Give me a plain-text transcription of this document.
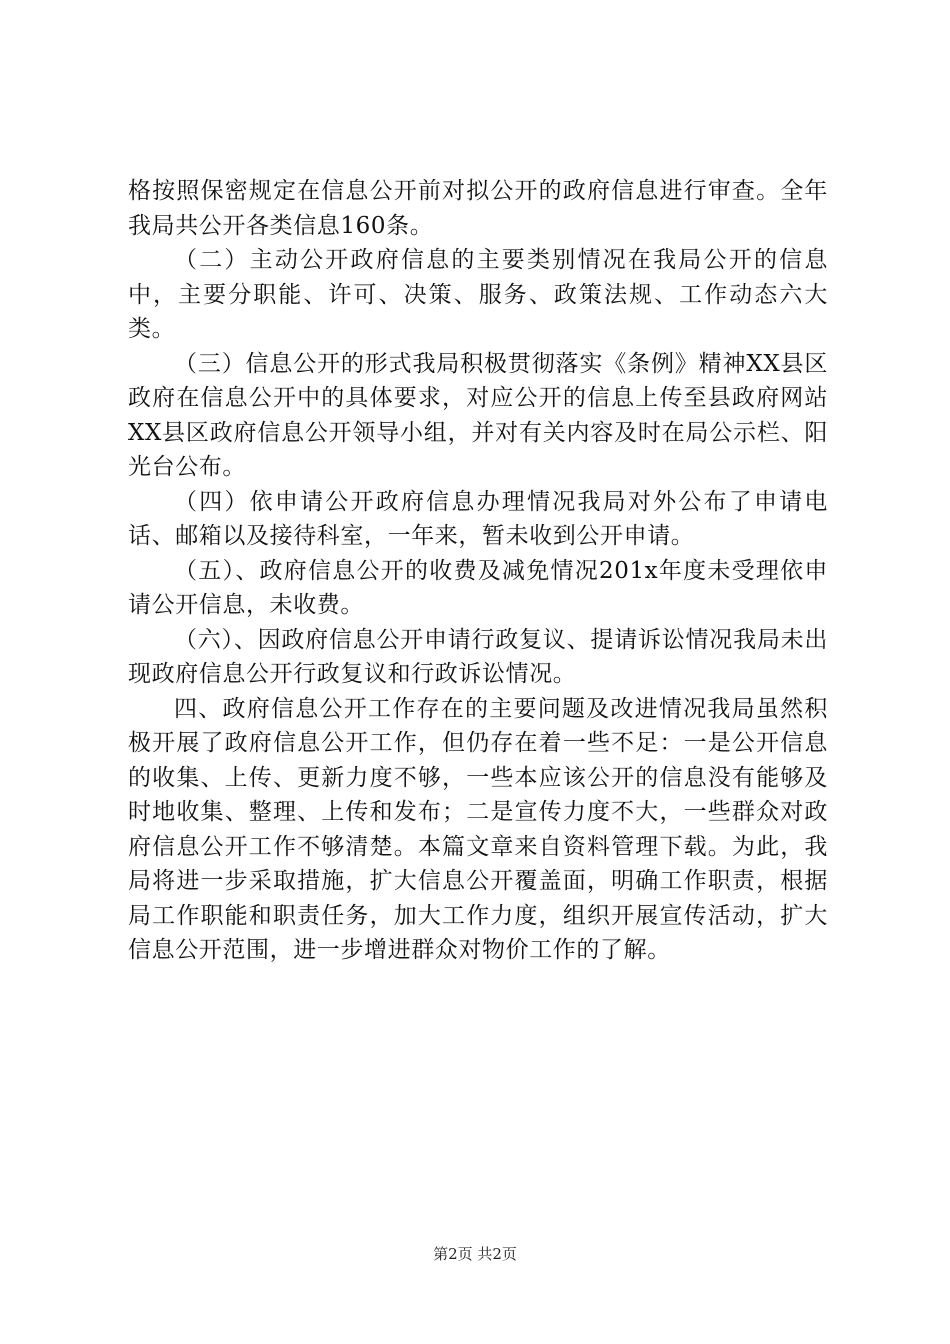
格按照保密规定在信息公开前对拟公开的政府信息进行审查。全年我局共公开各类信息160条。

（二）主动公开政府信息的主要类别情况在我局公开的信息中，主要分职能、许可、决策、服务、政策法规、工作动态六大类。

（三）信息公开的形式我局积极贯彻落实《条例》精神XX县区政府在信息公开中的具体要求，对应公开的信息上传至县政府网站XX县区政府信息公开领导小组，并对有关内容及时在局公示栏、阳光台公布。

（四）依申请公开政府信息办理情况我局对外公布了申请电话、邮箱以及接待科室，一年来，暂未收到公开申请。

（五）、政府信息公开的收费及减免情况201x年度未受理依申请公开信息，未收费。

（六）、因政府信息公开申请行政复议、提请诉讼情况我局未出现政府信息公开行政复议和行政诉讼情况。

四、政府信息公开工作存在的主要问题及改进情况我局虽然积极开展了政府信息公开工作，但仍存在着一些不足：一是公开信息的收集、上传、更新力度不够，一些本应该公开的信息没有能够及时地收集、整理、上传和发布；二是宣传力度不大，一些群众对政府信息公开工作不够清楚。本篇文章来自资料管理下载。为此，我局将进一步采取措施，扩大信息公开覆盖面，明确工作职责，根据局工作职能和职责任务，加大工作力度，组织开展宣传活动，扩大信息公开范围，进一步增进群众对物价工作的了解。

第2页 共2页
